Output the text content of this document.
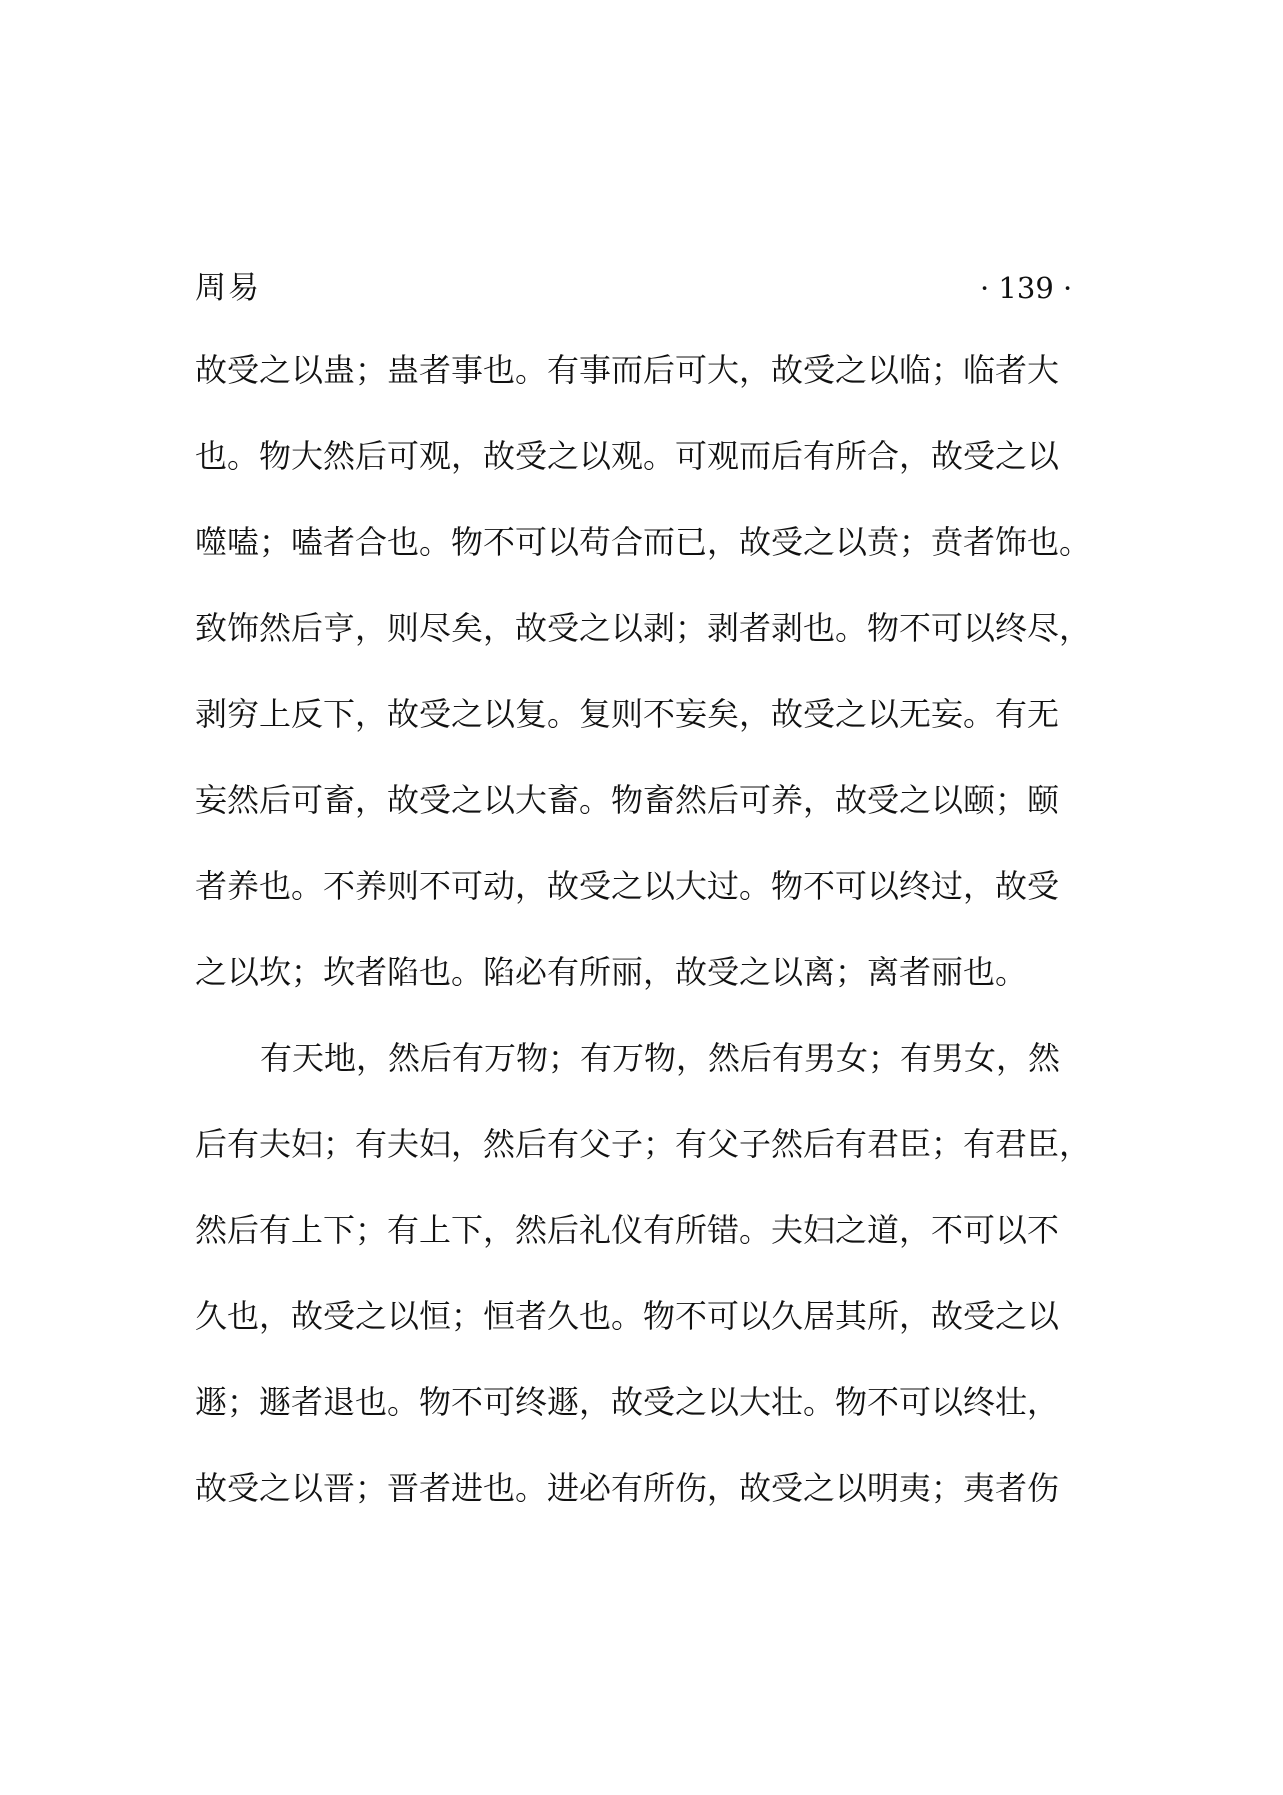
周易	· 139 ·
故受之以蛊；蛊者事也。有事而后可大，故受之以临；临者大
也。物大然后可观，故受之以观。可观而后有所合，故受之以
噬嗑；嗑者合也。物不可以苟合而已，故受之以贲；贲者饰也。
致饰然后亨，则尽矣，故受之以剥；剥者剥也。物不可以终尽，
剥穷上反下，故受之以复。复则不妄矣，故受之以无妄。有无
妄然后可畜，故受之以大畜。物畜然后可养，故受之以颐；颐
者养也。不养则不可动，故受之以大过。物不可以终过，故受
之以坎；坎者陷也。陷必有所丽，故受之以离；离者丽也。
有天地，然后有万物；有万物，然后有男女；有男女，然
后有夫妇；有夫妇，然后有父子；有父子然后有君臣；有君臣，
然后有上下；有上下，然后礼仪有所错。夫妇之道，不可以不
久也，故受之以恒；恒者久也。物不可以久居其所，故受之以
遯；遯者退也。物不可终遯，故受之以大壮。物不可以终壮，
故受之以晋；晋者进也。进必有所伤，故受之以明夷；夷者伤
